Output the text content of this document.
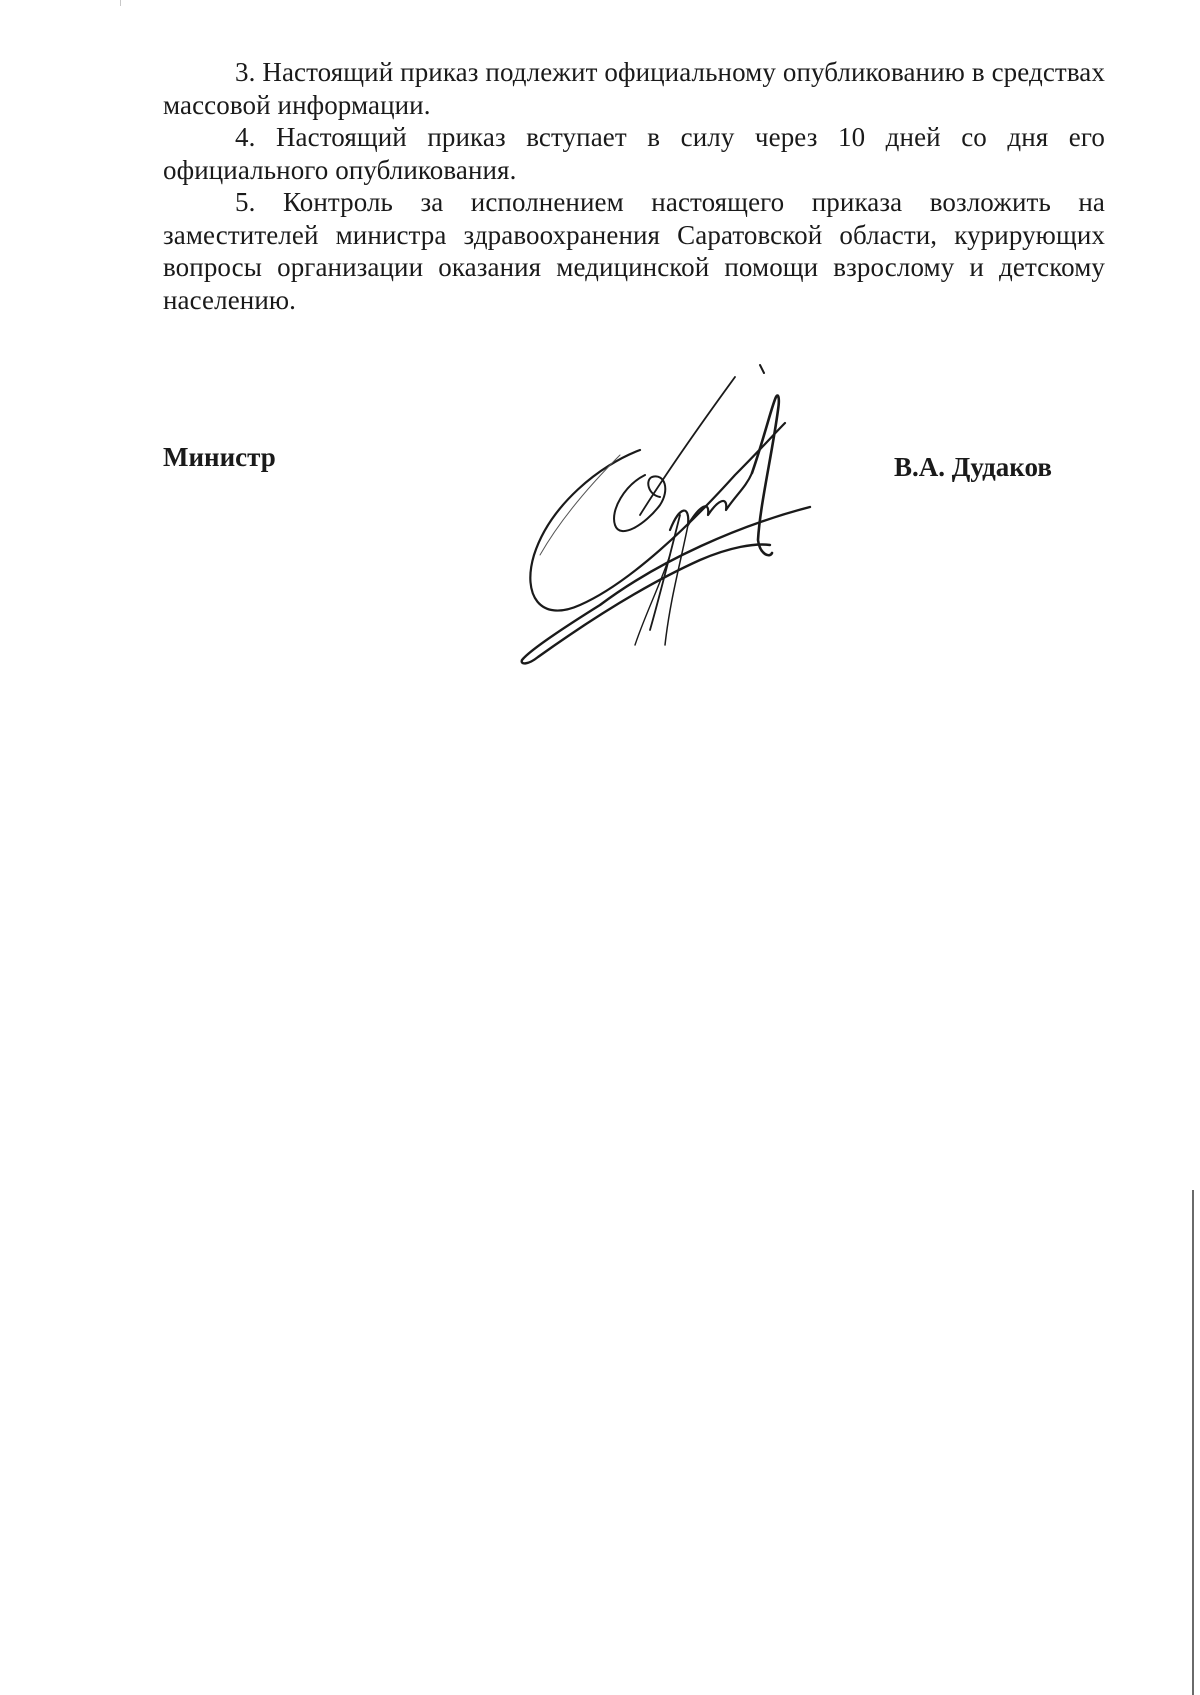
3. Настоящий приказ подлежит официальному опубликованию в средствах массовой информации.

4. Настоящий приказ вступает в силу через 10 дней со дня его официального опубликования.

5. Контроль за исполнением настоящего приказа возложить на заместителей министра здравоохранения Саратовской области, курирующих вопросы организации оказания медицинской помощи взрослому и детскому населению.

Министр	В.А. Дудаков
